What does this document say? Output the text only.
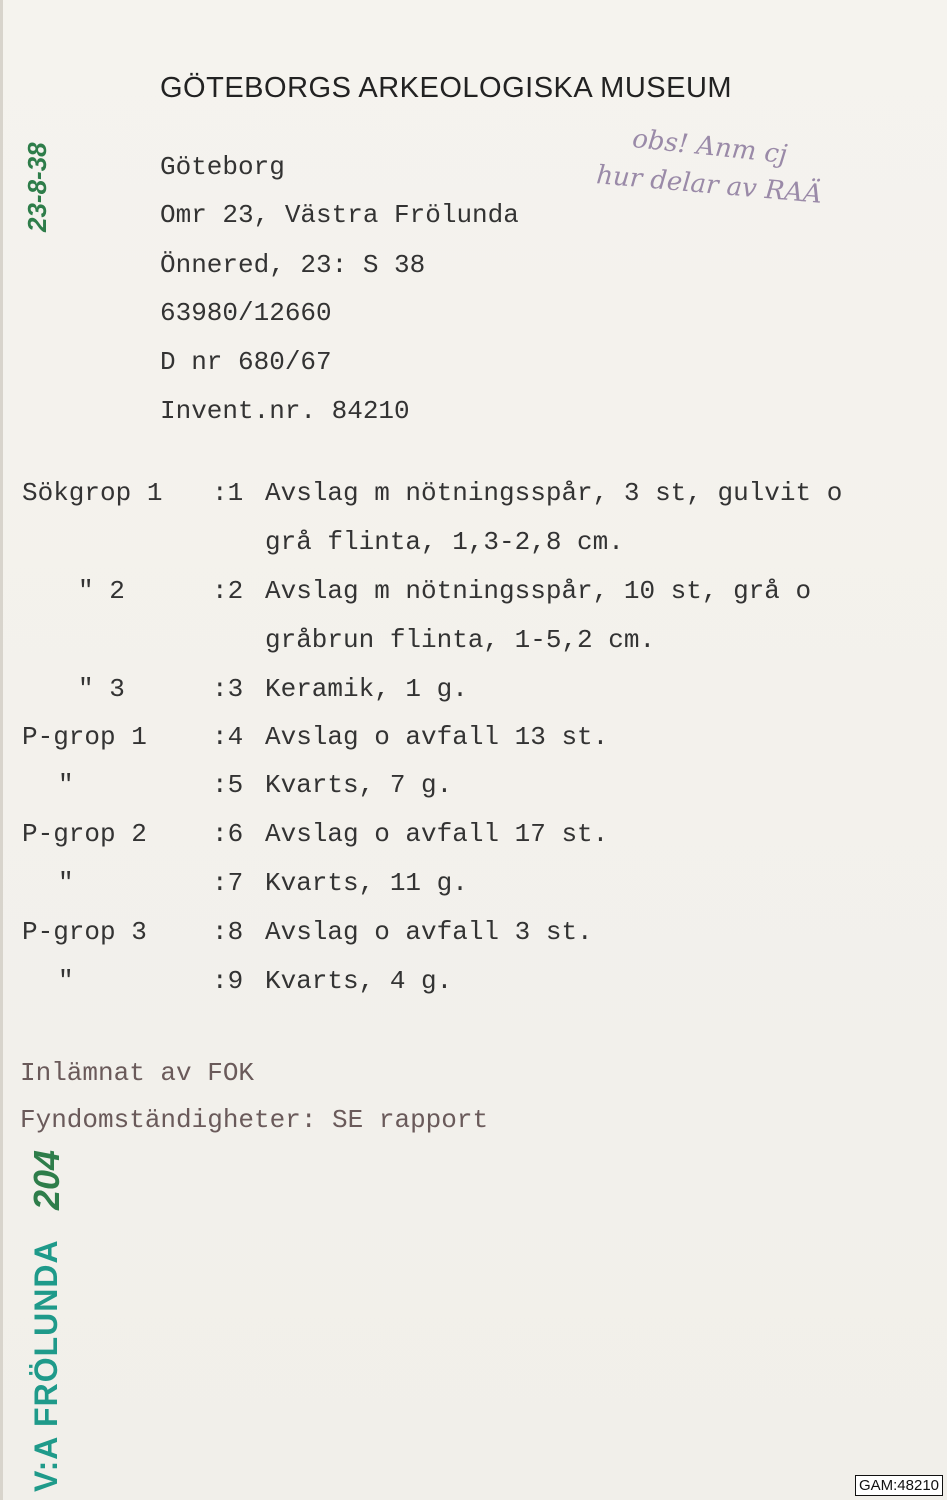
GÖTEBORGS ARKEOLOGISKA MUSEUM
Göteborg
Omr 23, Västra Frölunda
Önnered, 23: S 38
63980/12660
D nr 680/67
Invent.nr. 84210
obs! Anm cj
hur delar av RAÄ
Sökgrop 1 :1 Avslag m nötningsspår, 3 st, gulvit o
grå flinta, 1,3-2,8 cm.
" 2	:2 Avslag m nötningsspår, 10 st, grå o
gråbrun flinta, 1-5,2 cm.
" 3	:3 Keramik, 1 g.
P-grop 1	:4 Avslag o avfall 13 st.
"	:5 Kvarts, 7 g.
P-grop 2	:6 Avslag o avfall 17 st.
"	:7 Kvarts, 11 g.
P-grop 3	:8 Avslag o avfall 3 st.
"	:9 Kvarts, 4 g.
Inlämnat av FOK
Fyndomständigheter: SE rapport
23-8-38
204
V:A FRÖLUNDA	GAM:48210
